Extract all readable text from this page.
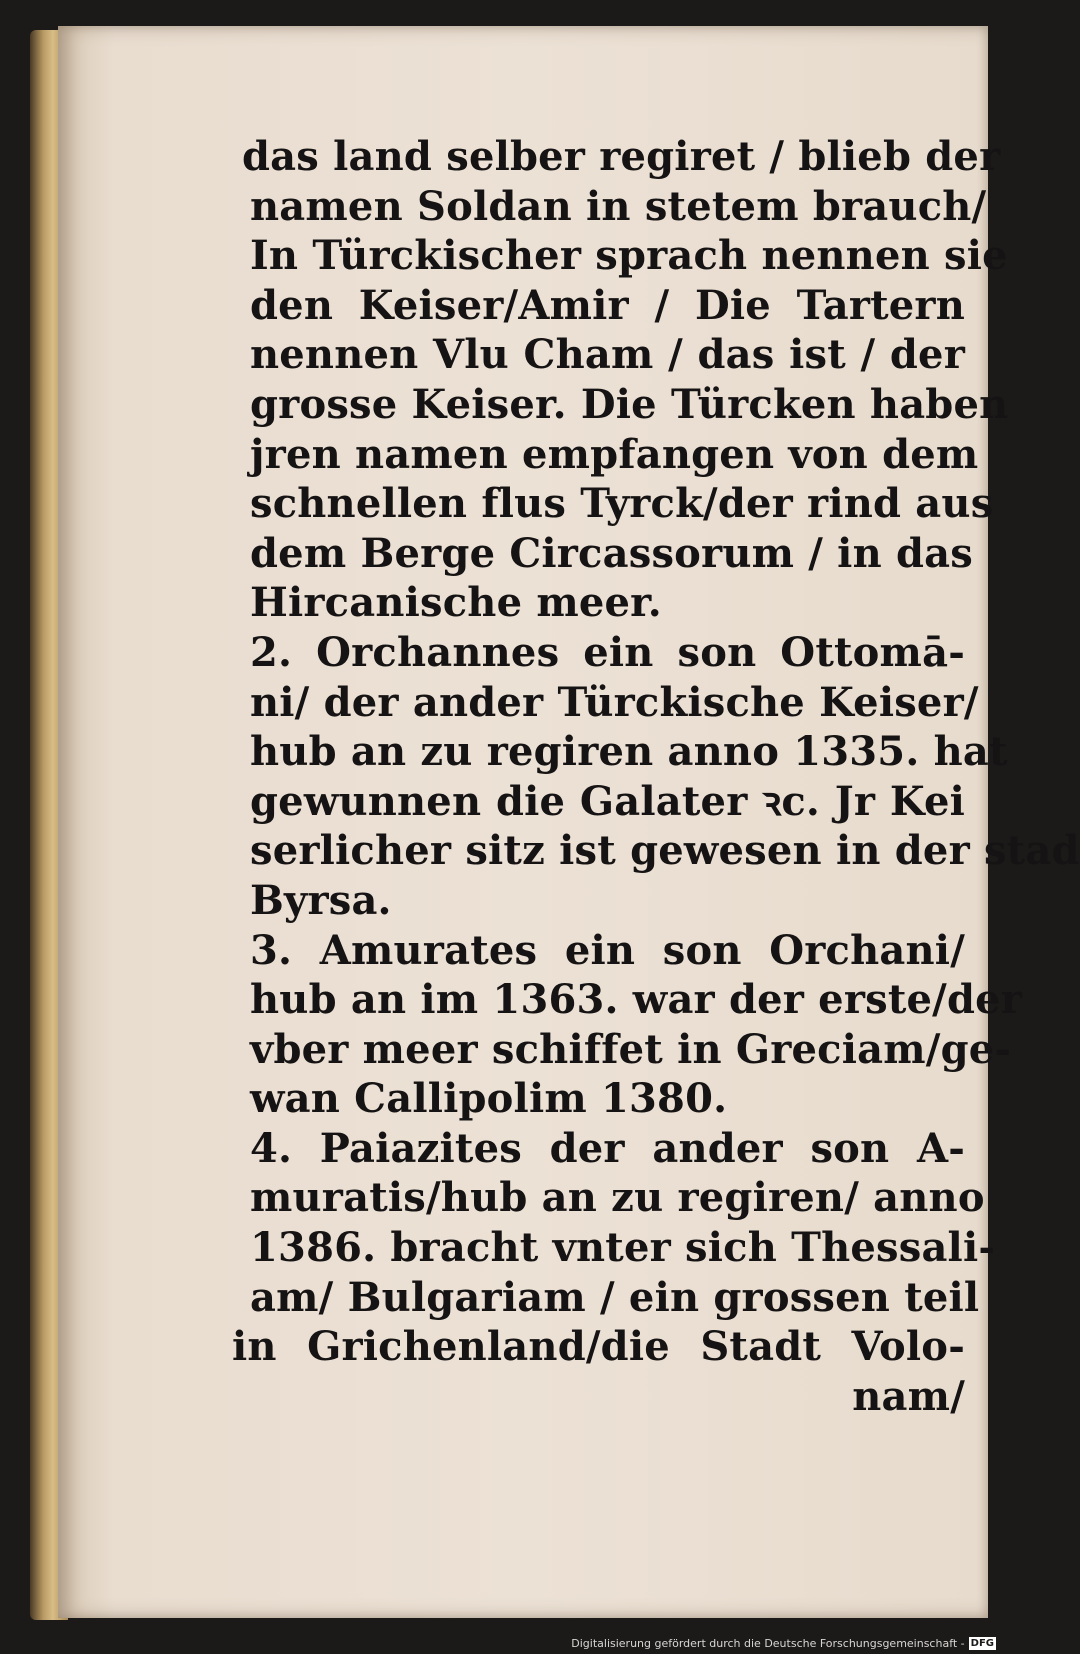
das land selber regiret / blieb der
namen Soldan in stetem brauch/
In Türckischer sprach nennen sie
den Keiser/Amir / Die Tartern
nennen Vlu Cham / das ist / der
grosse Keiser. Die Türcken haben
jren namen empfangen von dem
schnellen flus Tyrck/der rind aus
dem Berge Circassorum / in das
Hircanische meer.
2. Orchannes ein son Ottomā-
ni/ der ander Türckische Keiser/
hub an zu regiren anno 1335. hat
gewunnen die Galater ꝛc. Jr Kei
serlicher sitz ist gewesen in der stad
Byrsa.
3. Amurates ein son Orchani/
hub an im 1363. war der erste/der
vber meer schiffet in Greciam/ge-
wan Callipolim 1380.
4. Paiazites der ander son A-
muratis/hub an zu regiren/ anno
1386. bracht vnter sich Thessali-
am/ Bulgariam / ein grossen teil
in Grichenland/die Stadt Volo-
nam/
Digitalisierung gefördert durch die Deutsche Forschungsgemeinschaft - DFG
